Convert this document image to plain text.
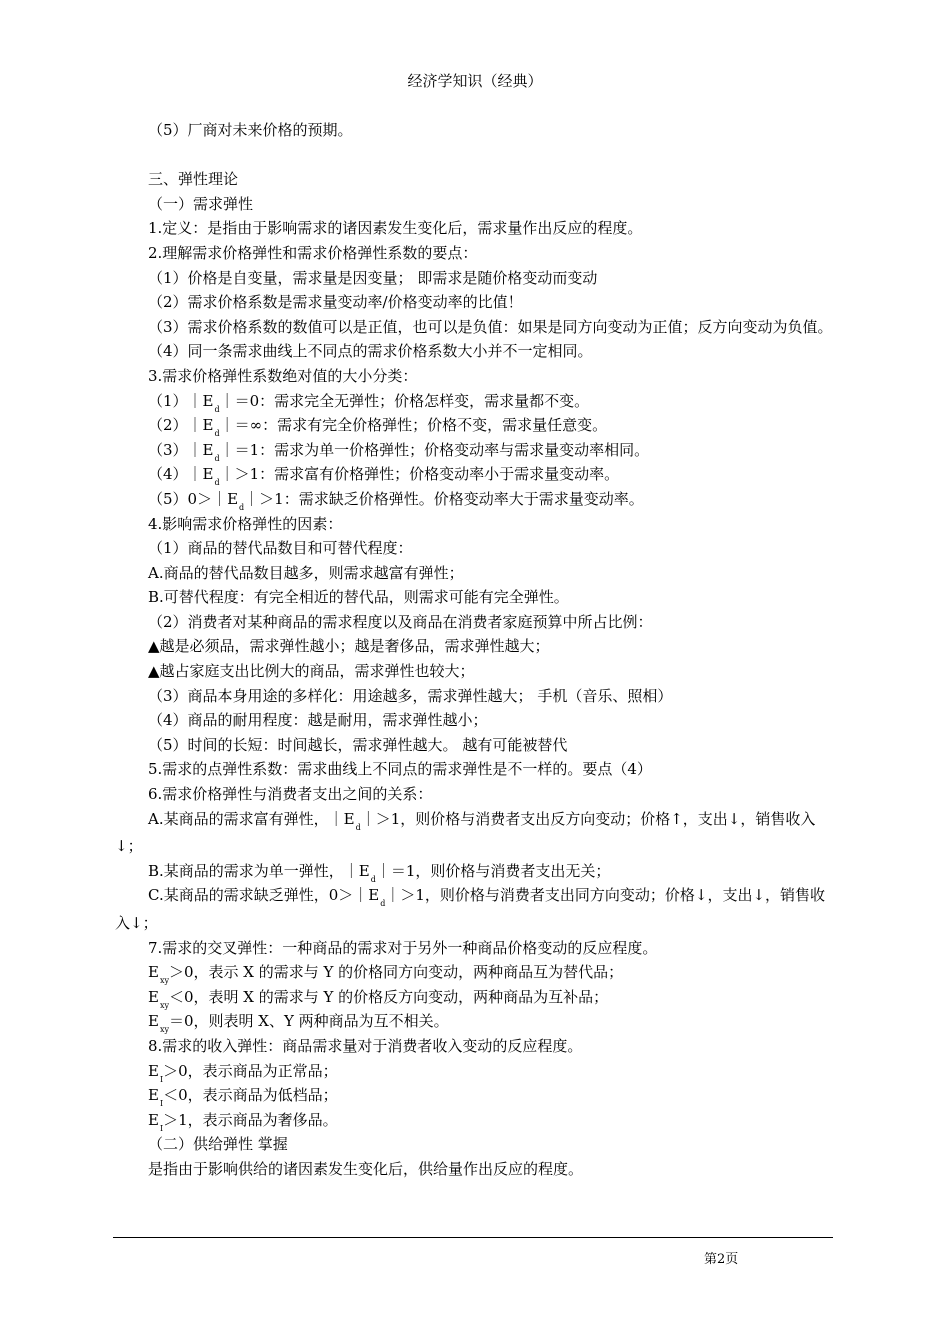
经济学知识（经典）
（5）厂商对未来价格的预期。
三、弹性理论
（一）需求弹性
1.定义：是指由于影响需求的诸因素发生变化后，需求量作出反应的程度。
2.理解需求价格弹性和需求价格弹性系数的要点：
（1）价格是自变量，需求量是因变量； 即需求是随价格变动而变动
（2）需求价格系数是需求量变动率/价格变动率的比值！
（3）需求价格系数的数值可以是正值，也可以是负值：如果是同方向变动为正值；反方向变动为负值。
（4）同一条需求曲线上不同点的需求价格系数大小并不一定相同。
3.需求价格弹性系数绝对值的大小分类：
$(1)|E_d|=0$：需求完全无弹性；价格怎样变，需求量都不变。
$(2)|E_d|=\infty$：需求有完全价格弹性；价格不变，需求量任意变。
$(3)|E_d|=1$：需求为单一价格弹性；价格变动率与需求量变动率相同。
$(4)|E_d|>1$：需求富有价格弹性；价格变动率小于需求量变动率。
$(5)0>|E_d|>1$：需求缺乏价格弹性。价格变动率大于需求量变动率。
4.影响需求价格弹性的因素：
（1）商品的替代品数目和可替代程度：
A.商品的替代品数目越多，则需求越富有弹性；
B.可替代程度：有完全相近的替代品，则需求可能有完全弹性。
（2）消费者对某种商品的需求程度以及商品在消费者家庭预算中所占比例：
▲越是必须品，需求弹性越小；越是奢侈品，需求弹性越大；
▲越占家庭支出比例大的商品，需求弹性也较大；
（3）商品本身用途的多样化：用途越多，需求弹性越大； 手机（音乐、照相）
（4）商品的耐用程度：越是耐用，需求弹性越小；
（5）时间的长短：时间越长，需求弹性越大。 越有可能被替代
5.需求的点弹性系数：需求曲线上不同点的需求弹性是不一样的。要点（4）
6.需求价格弹性与消费者支出之间的关系：
A.某商品的需求富有弹性，$|E_d|>1$，则价格与消费者支出反方向变动；价格↑，支出↓，销售收入↓；
B.某商品的需求为单一弹性，$|E_d|=1$，则价格与消费者支出无关；
C.某商品的需求缺乏弹性，$0>|E_d|>1$，则价格与消费者支出同方向变动；价格↓，支出↓，销售收入↓；
7.需求的交叉弹性：一种商品的需求对于另外一种商品价格变动的反应程度。
$E_{xy}>0$，表示 X 的需求与 Y 的价格同方向变动，两种商品互为替代品；
$E_{xy}<0$，表明 X 的需求与 Y 的价格反方向变动，两种商品为互补品；
$E_{xy}=0$，则表明 X、Y 两种商品为互不相关。
8.需求的收入弹性：商品需求量对于消费者收入变动的反应程度。
$E_I>0$，表示商品为正常品；
$E_I<0$，表示商品为低档品；
$E_I>1$，表示商品为奢侈品。
（二）供给弹性 掌握
是指由于影响供给的诸因素发生变化后，供给量作出反应的程度。
第2页
